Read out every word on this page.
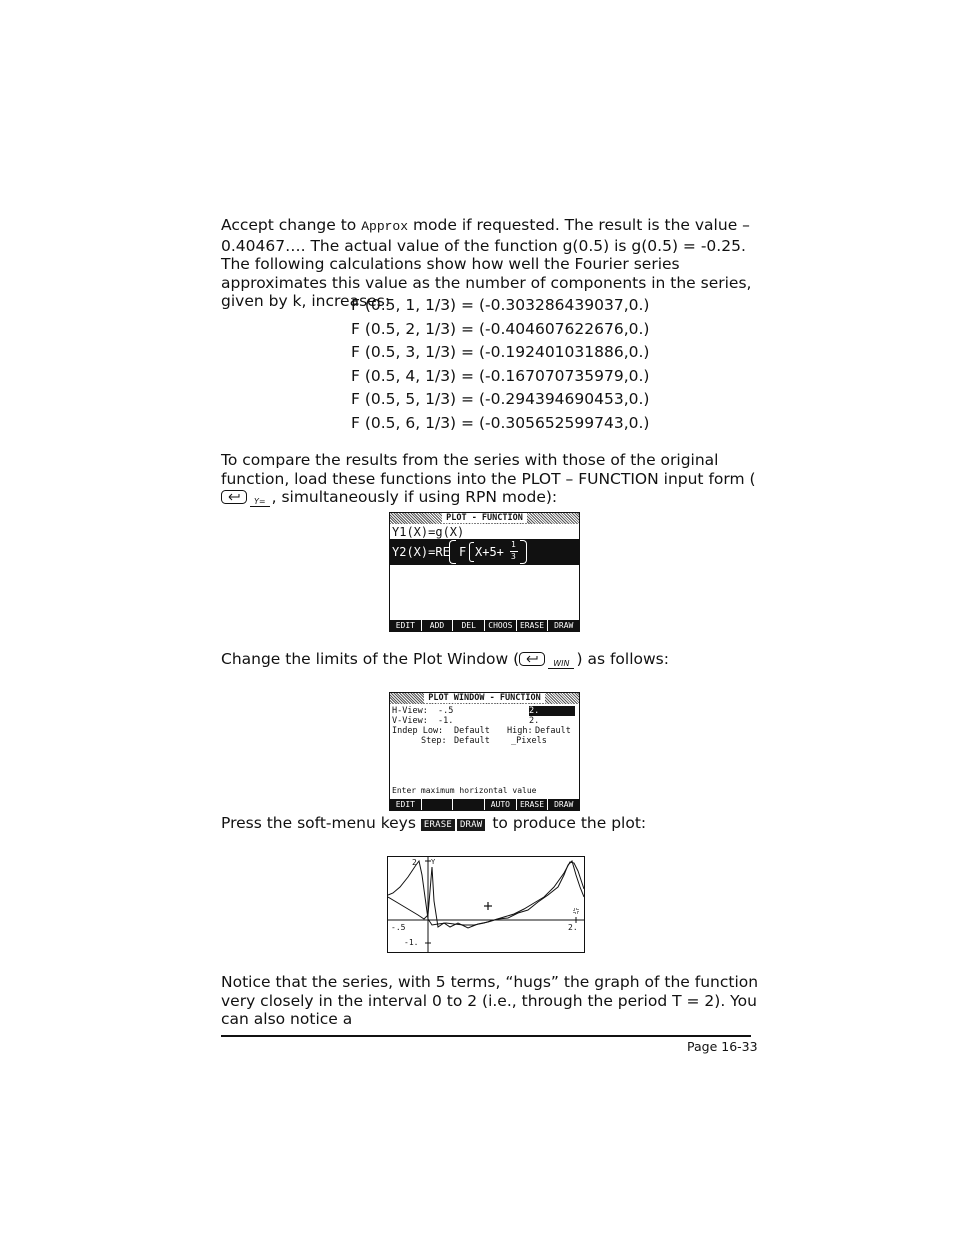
Accept change to Approx mode if requested. The result is the value –0.40467…. The actual value of the function g(0.5) is g(0.5) = -0.25. The following calculations show how well the Fourier series approximates this value as the number of components in the series, given by k, increases:

F (0.5, 1, 1/3) = (-0.303286439037,0.)
F (0.5, 2, 1/3) = (-0.404607622676,0.)
F (0.5, 3, 1/3) = (-0.192401031886,0.)
F (0.5, 4, 1/3) = (-0.167070735979,0.)
F (0.5, 5, 1/3) = (-0.294394690453,0.)
F (0.5, 6, 1/3) = (-0.305652599743,0.)

To compare the results from the series with those of the original function, load these functions into the PLOT – FUNCTION input form (Y= , simultaneously if using RPN mode):

PLOT - FUNCTION
Y1(X)=g(X)
Y2(X)=RE F X+5+
1
3
EDIT	ADD	DEL	CHOOS ERASE	DRAW

Change the limits of the Plot Window (	WIN ) as follows:

PLOT WINDOW - FUNCTION
H-View: -.5	2.
V-View: -1.	2.
Indep Low: Default High: Default
Step: Default _Pixels
Enter maximum horizontal value
EDIT	AUTO	ERASE	DRAW

Press the soft-menu keys ERASE DRAW to produce the plot:

2 Y
-.5	2.
-1.

Notice that the series, with 5 terms, “hugs” the graph of the function very closely in the interval 0 to 2 (i.e., through the period T = 2). You can also notice a

Page 16-33
